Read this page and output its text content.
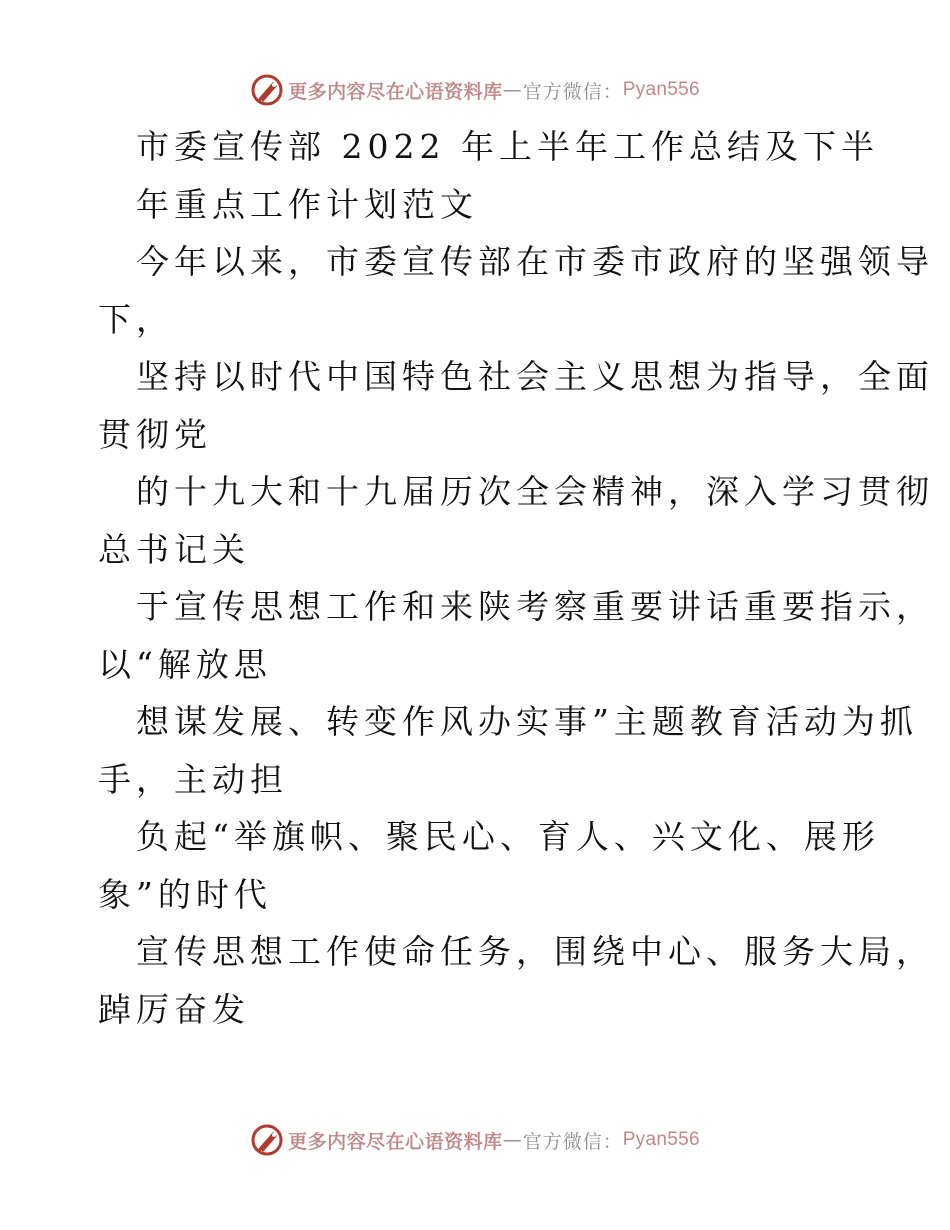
更多内容尽在心语资料库 — 官方微信： Pyan556
市委宣传部 2022 年上半年工作总结及下半
年重点工作计划范文
今年以来，市委宣传部在市委市政府的坚强领导
下，
坚持以时代中国特色社会主义思想为指导，全面
贯彻党
的十九大和十九届历次全会精神，深入学习贯彻
总书记关
于宣传思想工作和来陕考察重要讲话重要指示，
以“解放思
想谋发展、转变作风办实事”主题教育活动为抓
手，主动担
负起“举旗帜、聚民心、育人、兴文化、展形
象”的时代
宣传思想工作使命任务，围绕中心、服务大局，
踔厉奋发
更多内容尽在心语资料库 — 官方微信： Pyan556
